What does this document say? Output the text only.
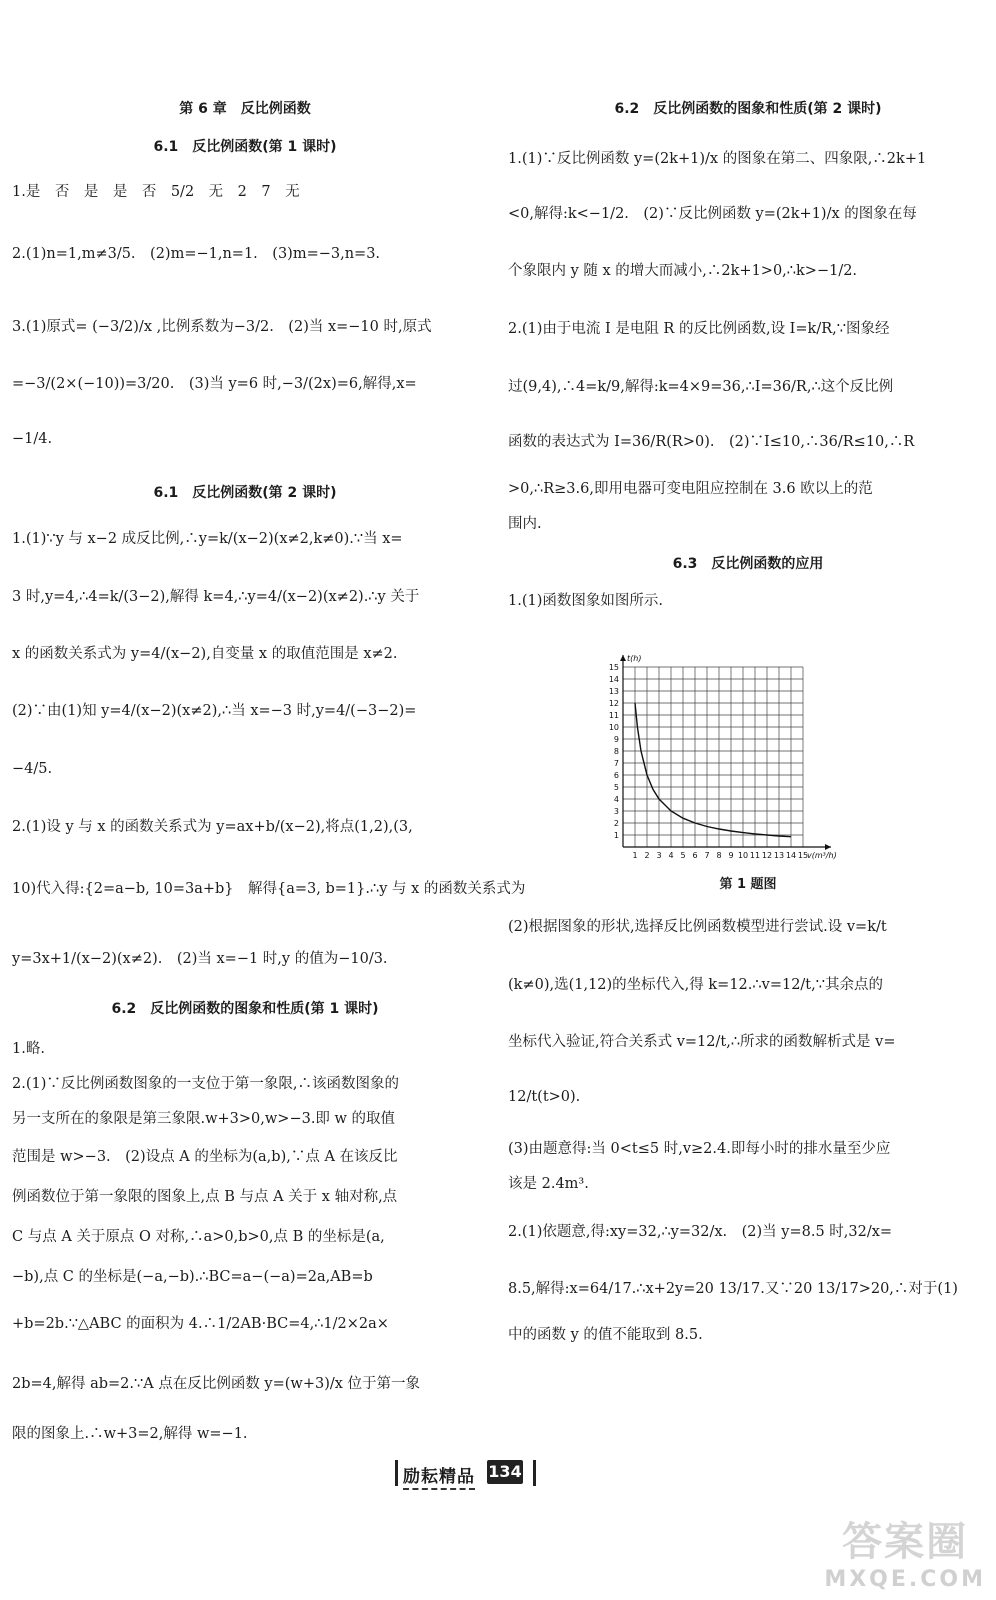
第 6 章　反比例函数
6.1　反比例函数(第 1 课时)
1.是　否　是　是　否　5/2　无　2　7　无
2.(1)n=1,m≠3/5.　(2)m=−1,n=1.　(3)m=−3,n=3.
3.(1)原式= (−3/2)/x ,比例系数为−3/2.　(2)当 x=−10 时,原式
=−3/(2×(−10))=3/20.　(3)当 y=6 时,−3/(2x)=6,解得,x=
−1/4.
6.1　反比例函数(第 2 课时)
1.(1)∵y 与 x−2 成反比例,∴y=k/(x−2)(x≠2,k≠0).∵当 x=
3 时,y=4,∴4=k/(3−2),解得 k=4,∴y=4/(x−2)(x≠2).∴y 关于
x 的函数关系式为 y=4/(x−2),自变量 x 的取值范围是 x≠2.
(2)∵由(1)知 y=4/(x−2)(x≠2),∴当 x=−3 时,y=4/(−3−2)=
−4/5.
2.(1)设 y 与 x 的函数关系式为 y=ax+b/(x−2),将点(1,2),(3,
10)代入得:{2=a−b, 10=3a+b}　解得{a=3, b=1}.∴y 与 x 的函数关系式为
y=3x+1/(x−2)(x≠2).　(2)当 x=−1 时,y 的值为−10/3.
6.2　反比例函数的图象和性质(第 1 课时)
1.略.
2.(1)∵反比例函数图象的一支位于第一象限,∴该函数图象的
另一支所在的象限是第三象限.w+3>0,w>−3.即 w 的取值
范围是 w>−3.　(2)设点 A 的坐标为(a,b),∵点 A 在该反比
例函数位于第一象限的图象上,点 B 与点 A 关于 x 轴对称,点
C 与点 A 关于原点 O 对称,∴a>0,b>0,点 B 的坐标是(a,
−b),点 C 的坐标是(−a,−b).∴BC=a−(−a)=2a,AB=b
+b=2b.∵△ABC 的面积为 4.∴1/2AB·BC=4,∴1/2×2a×
2b=4,解得 ab=2.∵A 点在反比例函数 y=(w+3)/x 位于第一象
限的图象上.∴w+3=2,解得 w=−1.
6.2　反比例函数的图象和性质(第 2 课时)
1.(1)∵反比例函数 y=(2k+1)/x 的图象在第二、四象限,∴2k+1
<0,解得:k<−1/2.　(2)∵反比例函数 y=(2k+1)/x 的图象在每
个象限内 y 随 x 的增大而减小,∴2k+1>0,∴k>−1/2.
2.(1)由于电流 I 是电阻 R 的反比例函数,设 I=k/R,∵图象经
过(9,4),∴4=k/9,解得:k=4×9=36,∴I=36/R,∴这个反比例
函数的表达式为 I=36/R(R>0).　(2)∵I≤10,∴36/R≤10,∴R
>0,∴R≥3.6,即用电器可变电阻应控制在 3.6 欧以上的范
围内.
6.3　反比例函数的应用
1.(1)函数图象如图所示.
第 1 题图
(2)根据图象的形状,选择反比例函数模型进行尝试.设 v=k/t
(k≠0),选(1,12)的坐标代入,得 k=12.∴v=12/t,∵其余点的
坐标代入验证,符合关系式 v=12/t,∴所求的函数解析式是 v=
12/t(t>0).
(3)由题意得:当 0<t≤5 时,v≥2.4.即每小时的排水量至少应
该是 2.4m³.
2.(1)依题意,得:xy=32,∴y=32/x.　(2)当 y=8.5 时,32/x=
8.5,解得:x=64/17.∴x+2y=20 13/17.又∵20 13/17>20,∴对于(1)
中的函数 y 的值不能取到 8.5.
1 2 3 4 5 6 7 8 9 10 11 12 13 14 15
1
2
3
4
5
6
7
8
9
10
11
12
13
14
15
v(m³/h)
t(h)
励耘精品 134
答案圈
MXQE.COM
